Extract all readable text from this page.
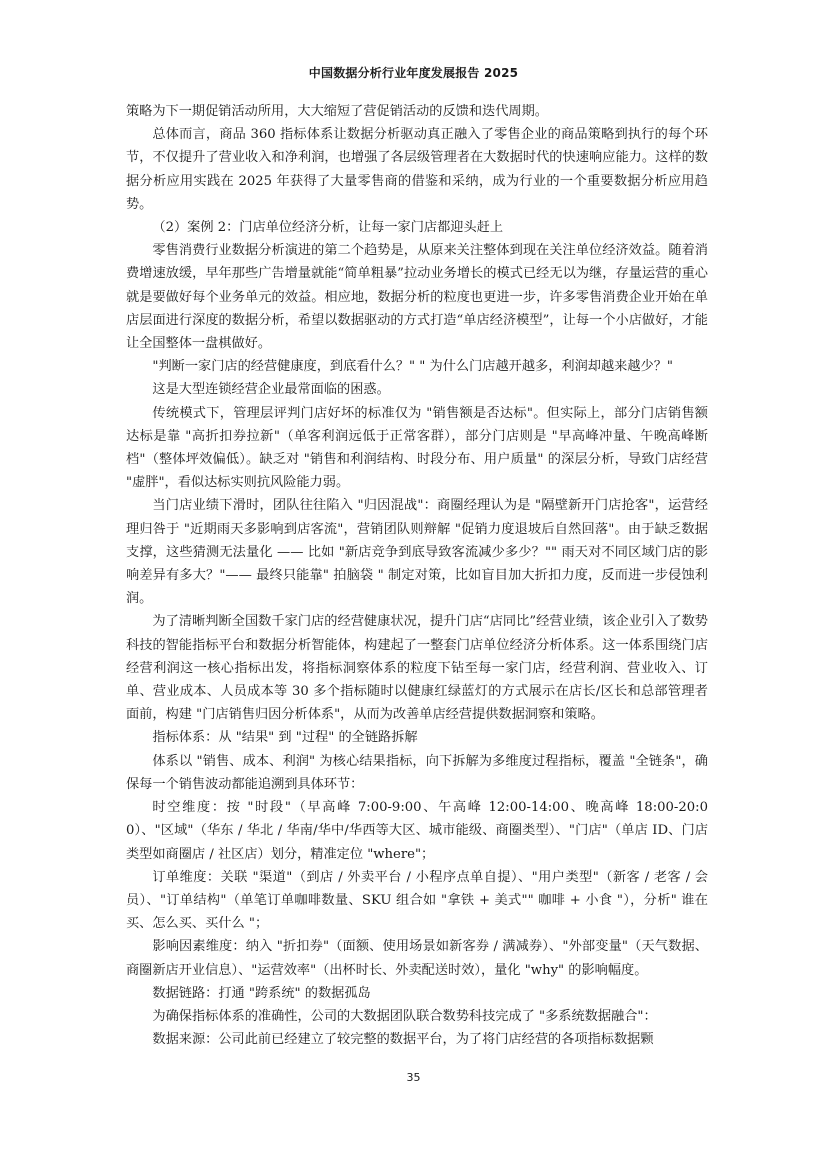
中国数据分析行业年度发展报告 2025

策略为下一期促销活动所用，大大缩短了营促销活动的反馈和迭代周期。

总体而言，商品 360 指标体系让数据分析驱动真正融入了零售企业的商品策略到执行的每个环节，不仅提升了营业收入和净利润，也增强了各层级管理者在大数据时代的快速响应能力。这样的数据分析应用实践在 2025 年获得了大量零售商的借鉴和采纳，成为行业的一个重要数据分析应用趋势。

（2）案例 2：门店单位经济分析，让每一家门店都迎头赶上

零售消费行业数据分析演进的第二个趋势是，从原来关注整体到现在关注单位经济效益。随着消费增速放缓，早年那些广告增量就能“简单粗暴”拉动业务增长的模式已经无以为继，存量运营的重心就是要做好每个业务单元的效益。相应地，数据分析的粒度也更进一步，许多零售消费企业开始在单店层面进行深度的数据分析，希望以数据驱动的方式打造“单店经济模型”，让每一个小店做好，才能让全国整体一盘棋做好。

"判断一家门店的经营健康度，到底看什么？" " 为什么门店越开越多，利润却越来越少？"

这是大型连锁经营企业最常面临的困惑。

传统模式下，管理层评判门店好坏的标准仅为 "销售额是否达标"。但实际上，部分门店销售额达标是靠 "高折扣券拉新"（单客利润远低于正常客群），部分门店则是 "早高峰冲量、午晚高峰断档"（整体坪效偏低）。缺乏对 "销售和利润结构、时段分布、用户质量" 的深层分析，导致门店经营 "虚胖"，看似达标实则抗风险能力弱。

当门店业绩下滑时，团队往往陷入 "归因混战"：商圈经理认为是 "隔壁新开门店抢客"，运营经理归咎于 "近期雨天多影响到店客流"，营销团队则辩解 "促销力度退坡后自然回落"。由于缺乏数据支撑，这些猜测无法量化 —— 比如 "新店竞争到底导致客流减少多少？"" 雨天对不同区域门店的影响差异有多大？"—— 最终只能靠" 拍脑袋 " 制定对策，比如盲目加大折扣力度，反而进一步侵蚀利润。

为了清晰判断全国数千家门店的经营健康状况，提升门店“店同比”经营业绩，该企业引入了数势科技的智能指标平台和数据分析智能体，构建起了一整套门店单位经济分析体系。这一体系围绕门店经营利润这一核心指标出发，将指标洞察体系的粒度下钻至每一家门店，经营利润、营业收入、订单、营业成本、人员成本等 30 多个指标随时以健康红绿蓝灯的方式展示在店长/区长和总部管理者面前，构建 "门店销售归因分析体系"，从而为改善单店经营提供数据洞察和策略。

指标体系：从 "结果" 到 "过程" 的全链路拆解

体系以 "销售、成本、利润" 为核心结果指标，向下拆解为多维度过程指标，覆盖 "全链条"，确保每一个销售波动都能追溯到具体环节：

时空维度：按 "时段"（早高峰 7:00-9:00、午高峰 12:00-14:00、晚高峰 18:00-20:00）、"区域"（华东 / 华北 / 华南/华中/华西等大区、城市能级、商圈类型）、"门店"（单店 ID、门店类型如商圈店 / 社区店）划分，精准定位 "where"；

订单维度：关联 "渠道"（到店 / 外卖平台 / 小程序点单自提）、"用户类型"（新客 / 老客 / 会员）、"订单结构"（单笔订单咖啡数量、SKU 组合如 "拿铁 + 美式"" 咖啡 + 小食 "），分析" 谁在买、怎么买、买什么 "；

影响因素维度：纳入 "折扣券"（面额、使用场景如新客券 / 满减券）、"外部变量"（天气数据、商圈新店开业信息）、"运营效率"（出杯时长、外卖配送时效），量化 "why" 的影响幅度。

数据链路：打通 "跨系统" 的数据孤岛

为确保指标体系的准确性，公司的大数据团队联合数势科技完成了 "多系统数据融合"：

数据来源：公司此前已经建立了较完整的数据平台，为了将门店经营的各项指标数据颗

35
